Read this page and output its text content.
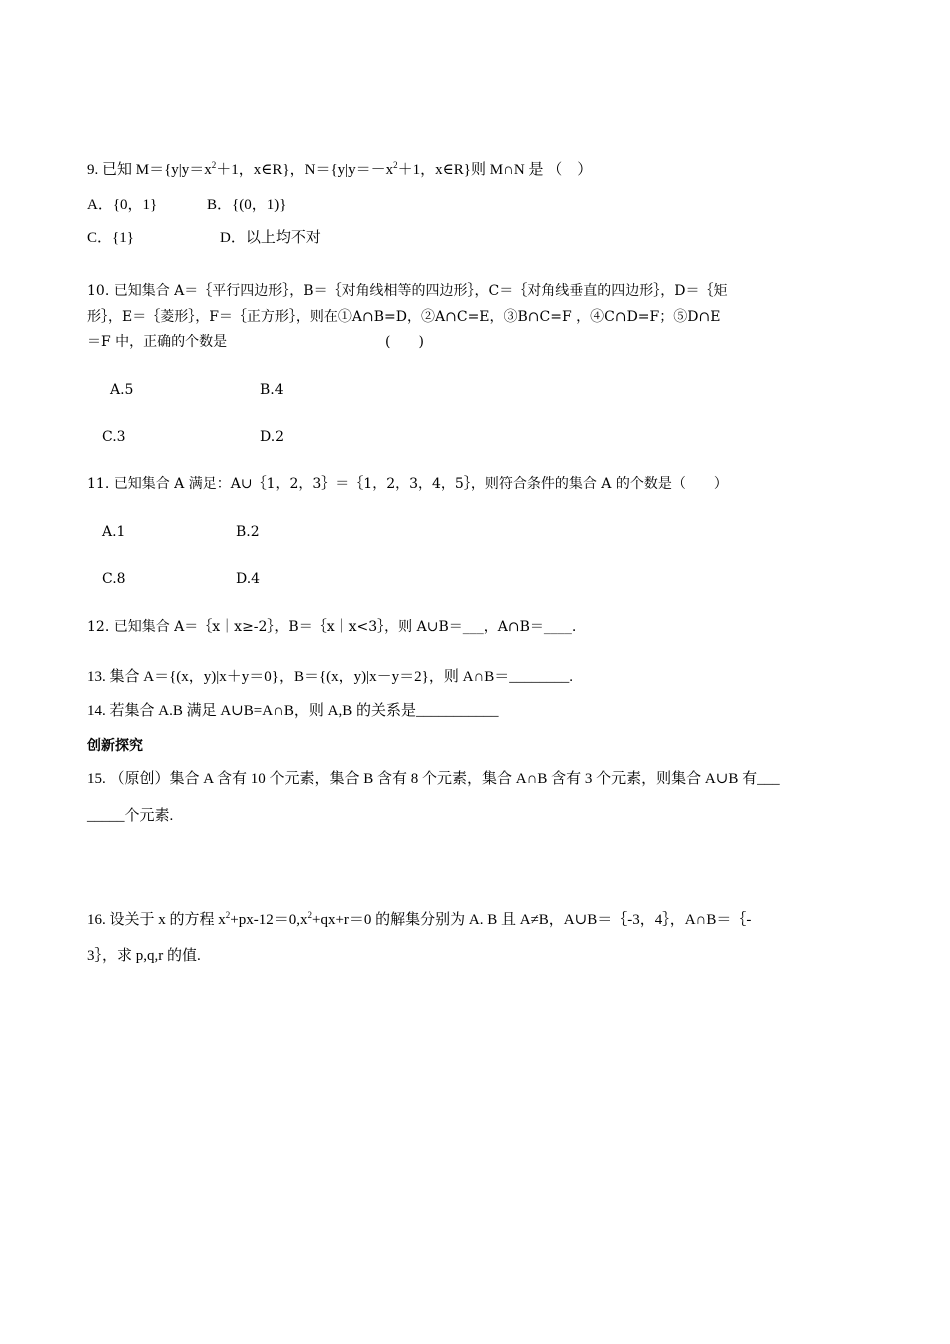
9. 已知 $M=\{y|y=x^2+1$，x∈R}，$N=\{y|y=-x^2+1$，x∈R}则 M∩N 是 （　）
A．{0，1}	B．{(0，1)}
C．{1}	D．以上均不对
10. 已知集合 A＝｛平行四边形｝，B＝｛对角线相等的四边形｝，C＝｛对角线垂直的四边形｝，D＝｛矩
形｝，E＝｛菱形｝，F＝｛正方形｝，则在①A∩B=D，②A∩C=E，③B∩C=F ，④C∩D=F；⑤D∩E
＝F 中，正确的个数是	(　　)
A.5	B.4
C.3	D.2
11. 已知集合 A 满足：A∪｛1，2，3｝＝｛1，2，3，4，5｝，则符合条件的集合 A 的个数是（　　）
A.1	B.2
C.8	D.4
12. 已知集合 A＝｛x｜x≥-2｝，B＝｛x｜x<3｝，则 A∪B＝___，A∩B＝____.
13. 集合 A＝{(x，y)|x＋y＝0}，B＝{(x，y)|x－y＝2}，则 A∩B＝________.
14. 若集合 A.B 满足 A∪B=A∩B，则 A,B 的关系是___________
创新探究
15. （原创）集合 A 含有 10 个元素，集合 B 含有 8 个元素，集合 A∩B 含有 3 个元素，则集合 A∪B 有___
_____个元素.
16. 设关于 x 的方程 $x^2+px-12=0,x^2+qx+r=0$ 的解集分别为 A. B 且 A≠B，A∪B＝｛-3，4｝，A∩B＝｛-
3｝，求 p,q,r 的值.
